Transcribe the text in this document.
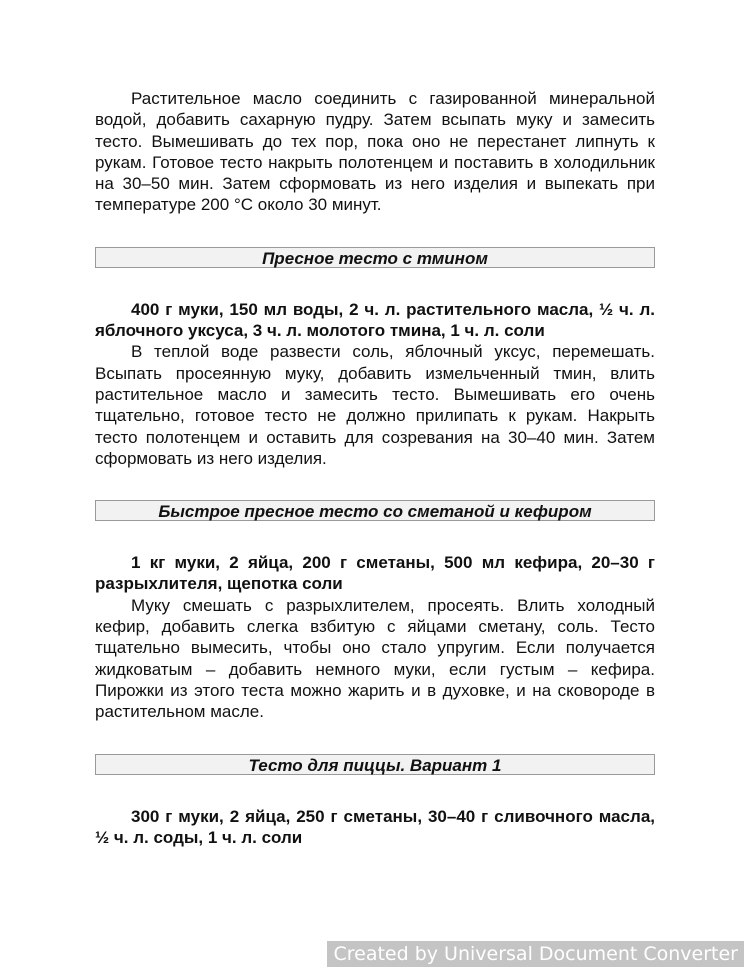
Растительное масло соединить с газированной минеральной водой, добавить сахарную пудру. Затем всыпать муку и замесить тесто. Вымешивать до тех пор, пока оно не перестанет липнуть к рукам. Готовое тесто накрыть полотенцем и поставить в холодильник на 30–50 мин. Затем сформовать из него изделия и выпекать при температуре 200 °С около 30 минут.

Пресное тесто с тмином

400 г муки, 150 мл воды, 2 ч. л. растительного масла, ½ ч. л. яблочного уксуса, 3 ч. л. молотого тмина, 1 ч. л. соли

В теплой воде развести соль, яблочный уксус, перемешать. Всыпать просеянную муку, добавить измельченный тмин, влить растительное масло и замесить тесто. Вымешивать его очень тщательно, готовое тесто не должно прилипать к рукам. Накрыть тесто полотенцем и оставить для созревания на 30–40 мин. Затем сформовать из него изделия.

Быстрое пресное тесто со сметаной и кефиром

1 кг муки, 2 яйца, 200 г сметаны, 500 мл кефира, 20–30 г разрыхлителя, щепотка соли

Муку смешать с разрыхлителем, просеять. Влить холодный кефир, добавить слегка взбитую с яйцами сметану, соль. Тесто тщательно вымесить, чтобы оно стало упругим. Если получается жидковатым – добавить немного муки, если густым – кефира. Пирожки из этого теста можно жарить и в духовке, и на сковороде в растительном масле.

Тесто для пиццы. Вариант 1

300 г муки, 2 яйца, 250 г сметаны, 30–40 г сливочного масла, ½ ч. л. соды, 1 ч. л. соли

Created by Universal Document Converter
